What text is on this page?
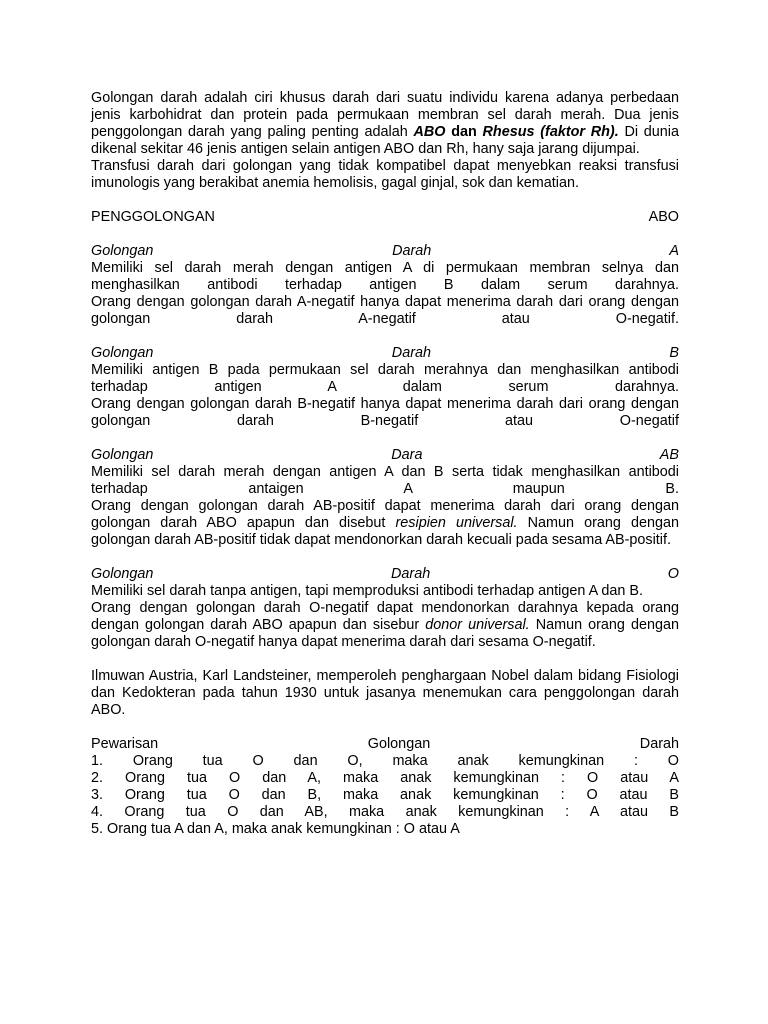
Golongan darah adalah ciri khusus darah dari suatu individu karena adanya perbedaan jenis karbohidrat dan protein pada permukaan membran sel darah merah. Dua jenis penggolongan darah yang paling penting adalah ABO dan Rhesus (faktor Rh). Di dunia dikenal sekitar 46 jenis antigen selain antigen ABO dan Rh, hany saja jarang dijumpai.

Transfusi darah dari golongan yang tidak kompatibel dapat menyebkan reaksi transfusi imunologis yang berakibat anemia hemolisis, gagal ginjal, sok dan kematian.

PENGGOLONGAN ABO

Golongan Darah A

Memiliki sel darah merah dengan antigen A di permukaan membran selnya dan menghasilkan antibodi terhadap antigen B dalam serum darahnya.

Orang dengan golongan darah A-negatif hanya dapat menerima darah dari orang dengan golongan darah A-negatif atau O-negatif.

Golongan Darah B

Memiliki antigen B pada permukaan sel darah merahnya dan menghasilkan antibodi terhadap antigen A dalam serum darahnya.

Orang dengan golongan darah B-negatif hanya dapat menerima darah dari orang dengan golongan darah B-negatif atau O-negatif

Golongan Dara AB

Memiliki sel darah merah dengan antigen A dan B serta tidak menghasilkan antibodi terhadap antaigen A maupun B.

Orang dengan golongan darah AB-positif dapat menerima darah dari orang dengan golongan darah ABO apapun dan disebut resipien universal. Namun orang dengan golongan darah AB-positif tidak dapat mendonorkan darah kecuali pada sesama AB-positif.

Golongan Darah O

Memiliki sel darah tanpa antigen, tapi memproduksi antibodi terhadap antigen A dan B.

Orang dengan golongan darah O-negatif dapat mendonorkan darahnya kepada orang dengan golongan darah ABO apapun dan sisebur donor universal. Namun orang dengan golongan darah O-negatif hanya dapat menerima darah dari sesama O-negatif.

Ilmuwan Austria, Karl Landsteiner, memperoleh penghargaan Nobel dalam bidang Fisiologi dan Kedokteran pada tahun 1930 untuk jasanya menemukan cara penggolongan darah ABO.

Pewarisan Golongan Darah

1. Orang tua O dan O, maka anak kemungkinan : O

2. Orang tua O dan A, maka anak kemungkinan : O atau A

3. Orang tua O dan B, maka anak kemungkinan : O atau B

4. Orang tua O dan AB, maka anak kemungkinan : A atau B

5. Orang tua A dan A, maka anak kemungkinan : O atau A
